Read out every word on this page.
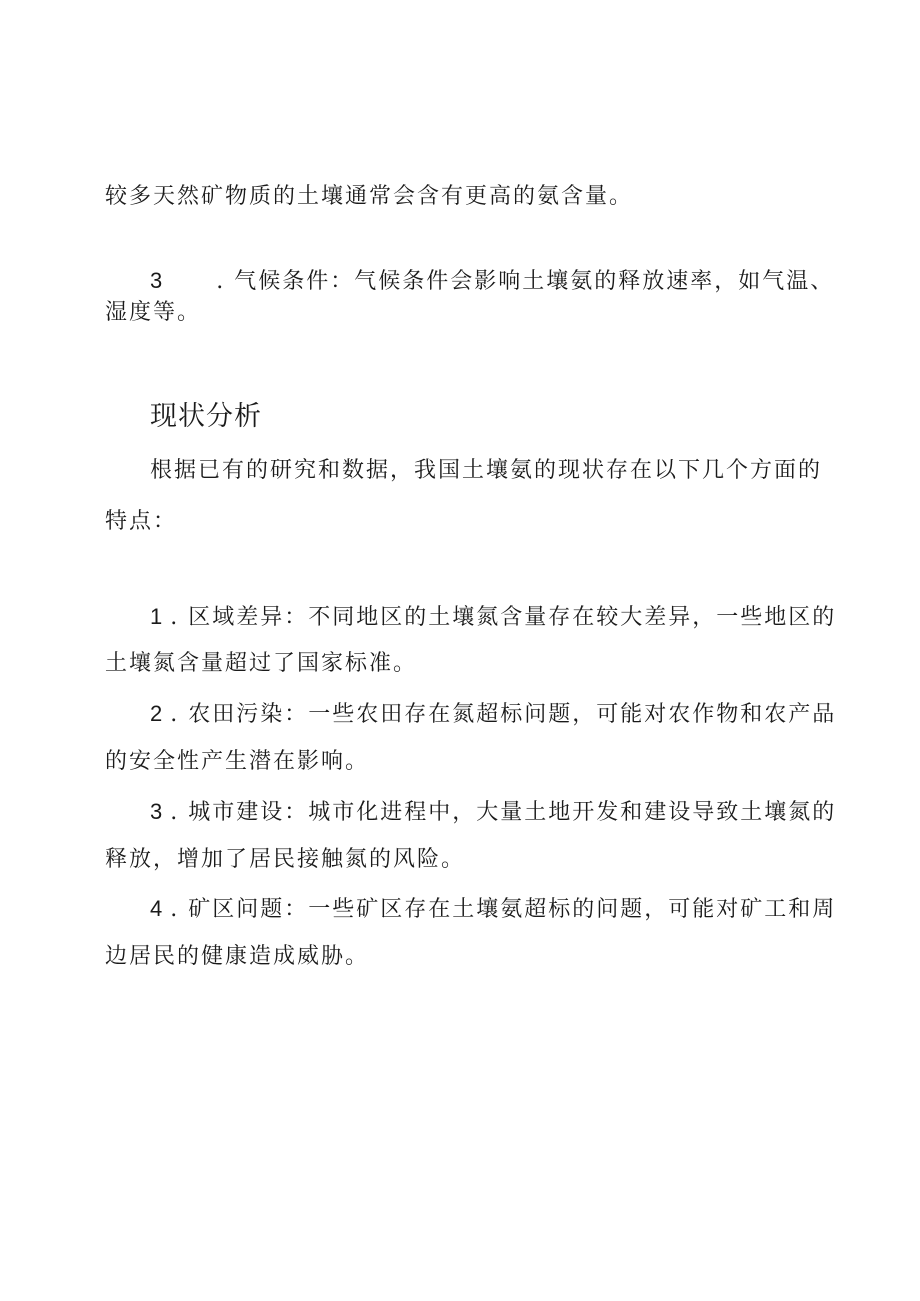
较多天然矿物质的土壤通常会含有更高的氨含量。
3 . 气候条件：气候条件会影响土壤氨的释放速率，如气温、
湿度等。
现状分析
根据已有的研究和数据，我国土壤氨的现状存在以下几个方面的
特点：
1 . 区域差异：不同地区的土壤氮含量存在较大差异，一些地区的
土壤氮含量超过了国家标准。
2 . 农田污染：一些农田存在氮超标问题，可能对农作物和农产品
的安全性产生潜在影响。
3 . 城市建设：城市化进程中，大量土地开发和建设导致土壤氮的
释放，增加了居民接触氮的风险。
4 . 矿区问题：一些矿区存在土壤氨超标的问题，可能对矿工和周
边居民的健康造成威胁。
